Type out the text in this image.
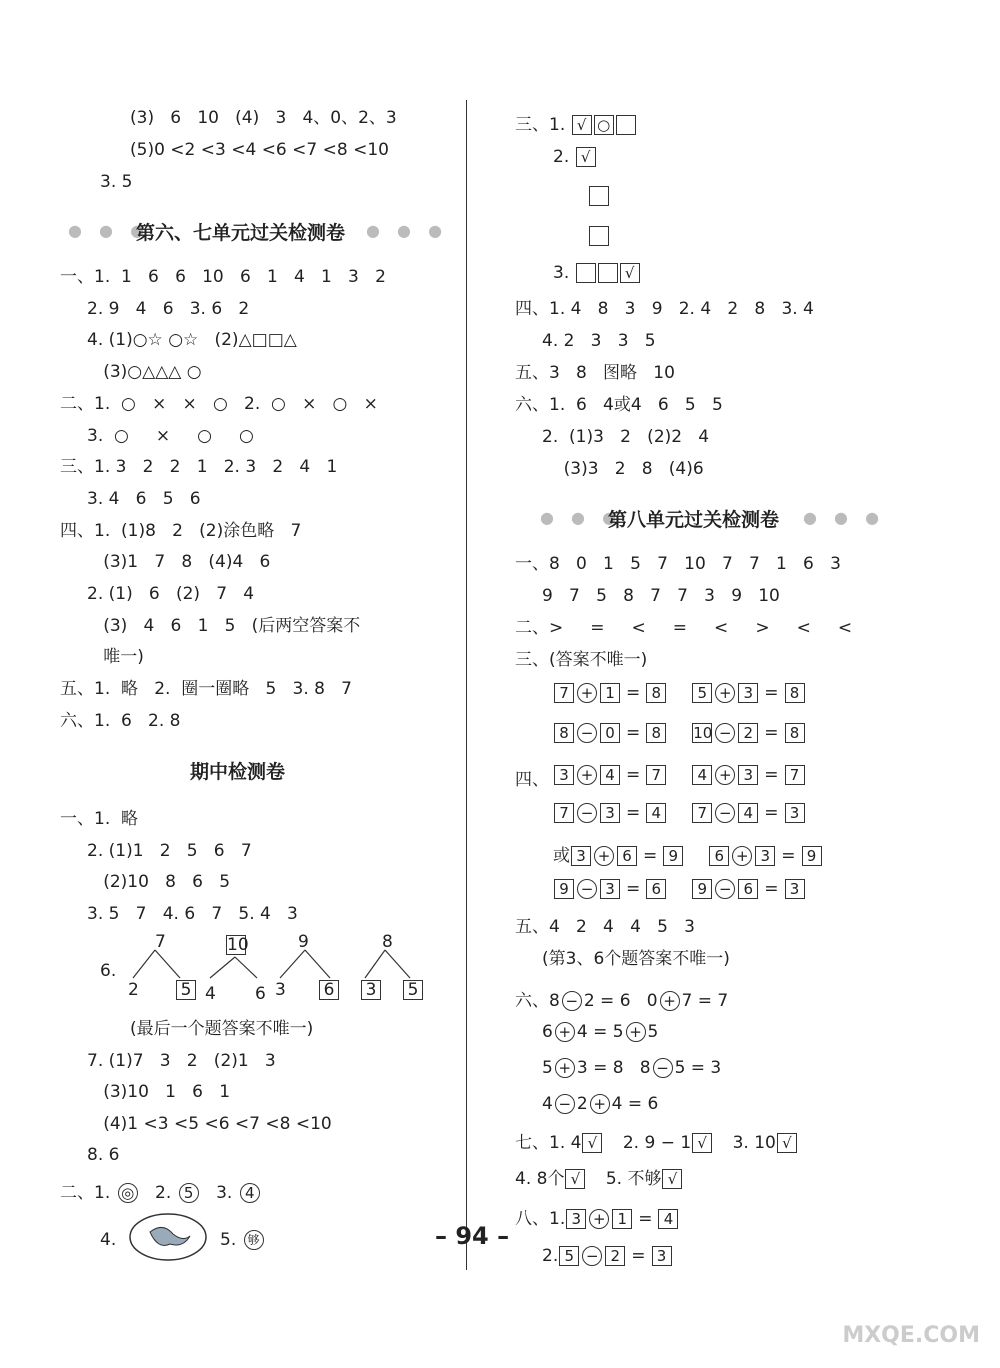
(3)   6   10   (4)   3   4、0、2、3
(5)0 <2 <3 <4 <6 <7 <8 <10
3. 5
● ● ●
第六、七单元过关检测卷 ● ● ●
一、1.  1   6   6   10   6   1   4   1   3   2
2. 9   4   6   3. 6   2
4. (1)○☆ ○☆   (2)△□□△
(3)○△△△ ○
二、1.  ○   ×   ×   ○   2.  ○   ×   ○   ×
3.  ○     ×     ○     ○
三、1. 3   2   2   1   2. 3   2   4   1
3. 4   6   5   6
四、1.  (1)8   2   (2)涂色略   7
(3)1   7   8   (4)4   6
2. (1)   6   (2)   7   4
(3)   4   6   1   5   (后两空答案不
唯一)
五、1.  略   2.  圈一圈略   5   3. 8   7
六、1.  6   2. 8
期中检测卷
一、1.  略
2. (1)1   2   5   6   7
(2)10   8   6   5
3. 5   7   4. 6   7   5. 4   3
6.
7
2 5
10
4 6
9
3 6
8
3 5
(最后一个题答案不唯一)
7. (1)7   3   2   (2)1   3
(3)10   1   6   1
(4)1 <3 <5 <6 <7 <8 <10
8. 6
二、1. ◎ 2. 5 3. 4
4.	5. 够
三、1. √ ○
2. √
3.	√
四、1. 4   8   3   9   2. 4   2   8   3. 4
4. 2   3   3   5
五、3   8   图略   10
六、1.  6   4或4   6   5   5
2.  (1)3   2   (2)2   4
(3)3   2   8   (4)6
● ● ●
第八单元过关检测卷 ● ● ●
一、8   0   1   5   7   10   7   7   1   6   3
9   7   5   8   7   7   3   9   10
二、>     =     <     =     <     >     <     <
三、(答案不唯一)
7 + 1 = 8 5 + 3 = 8
8 − 0 = 8 10 − 2 = 8
四、 3 + 4 = 7 4 + 3 = 7
7 − 3 = 4 7 − 4 = 3
或 3 + 6 = 9 6 + 3 = 9
9 − 3 = 6 9 − 6 = 3
五、4   2   4   4   5   3
(第3、6个题答案不唯一)
六、8 − 2 = 6   0 + 7 = 7
6 + 4 = 5 + 5
5 + 3 = 8   8 − 5 = 3
4 − 2 + 4 = 6
七、1. 4 √ 2. 9 − 1 √ 3. 10 √
4. 8个 √ 5. 不够 √
八、1. 3 + 1 = 4
2. 5 − 2 = 3
– 94 –
MXQE.COM
